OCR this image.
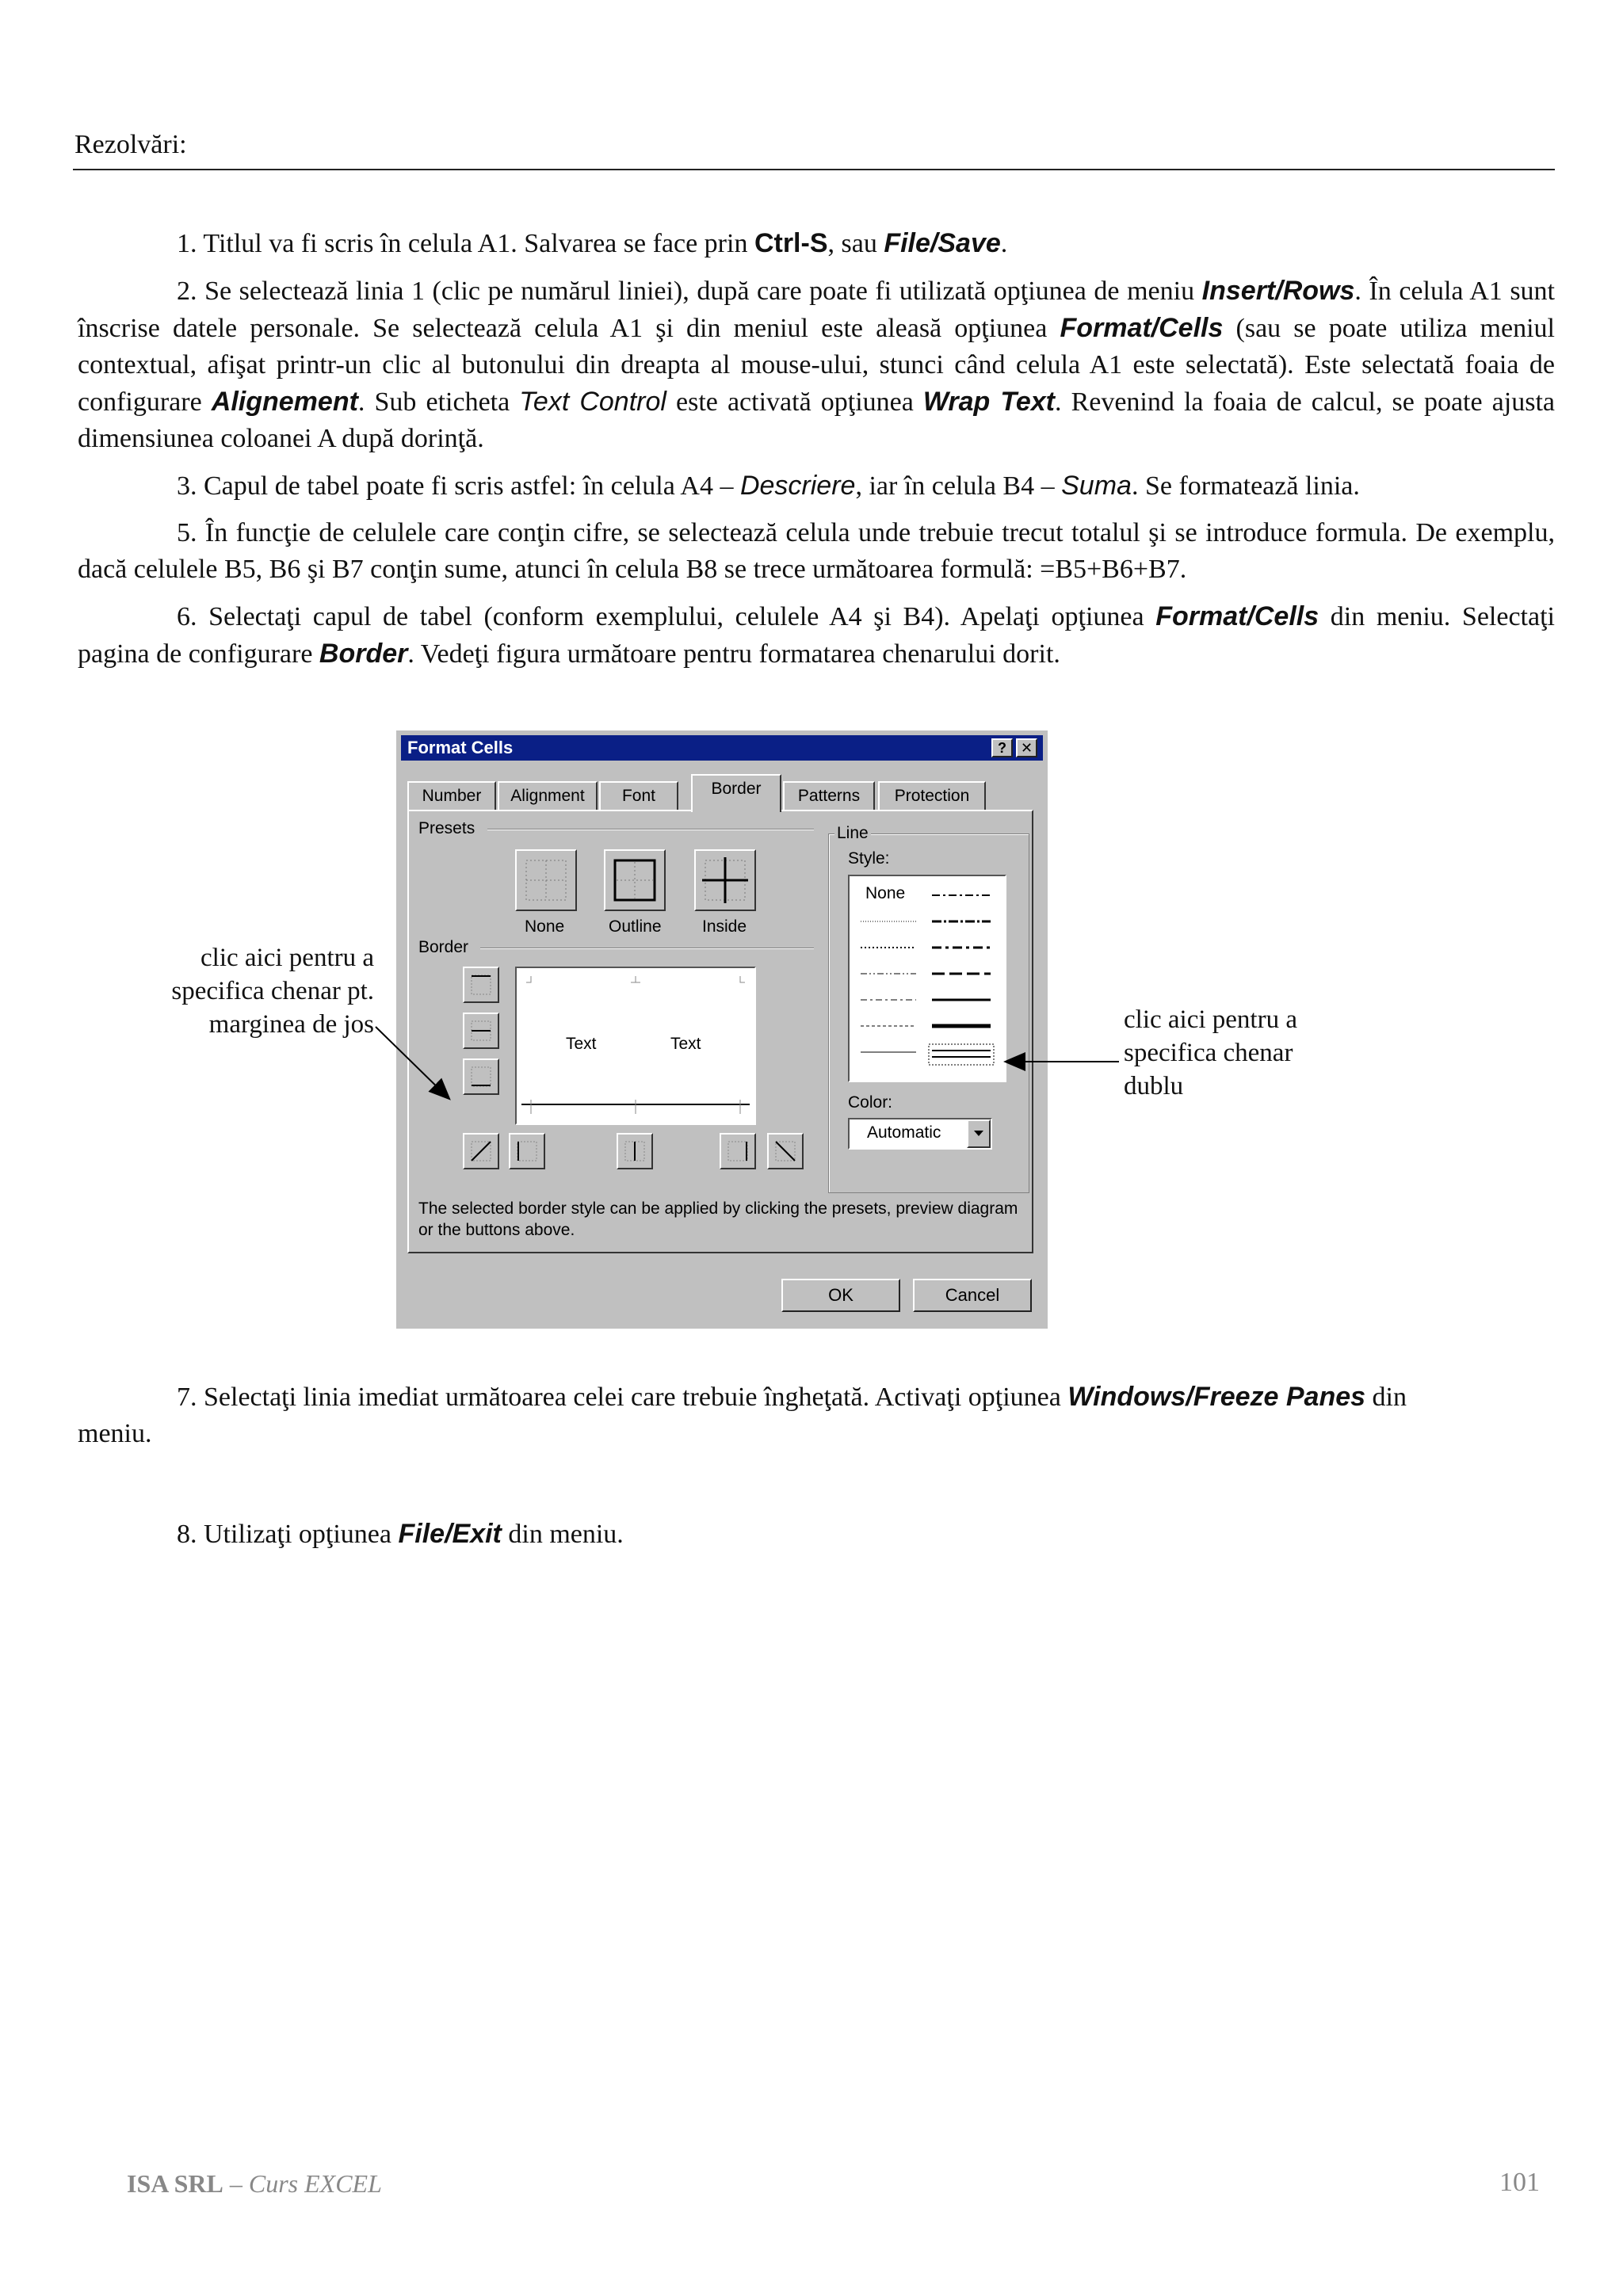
Rezolvări:

1. Titlul va fi scris în celula A1. Salvarea se face prin Ctrl-S, sau File/Save.

2. Se selectează linia 1 (clic pe numărul liniei), după care poate fi utilizată opţiunea de meniu Insert/Rows. În celula A1 sunt înscrise datele personale. Se selectează celula A1 şi din meniul este aleasă opţiunea Format/Cells (sau se poate utiliza meniul contextual, afişat printr-un clic al butonului din dreapta al mouse-ului, stunci când celula A1 este selectată). Este selectată foaia de configurare Alignement. Sub eticheta Text Control este activată opţiunea Wrap Text. Revenind la foaia de calcul, se poate ajusta dimensiunea coloanei A după dorinţă.

3. Capul de tabel poate fi scris astfel: în celula A4 – Descriere, iar în celula B4 – Suma. Se formatează linia.

5. În funcţie de celulele care conţin cifre, se selectează celula unde trebuie trecut totalul şi se introduce formula. De exemplu, dacă celulele B5, B6 şi B7 conţin sume, atunci în celula B8 se trece următoarea formulă: =B5+B6+B7.

6. Selectaţi capul de tabel (conform exemplului, celulele A4 şi B4). Apelaţi opţiunea Format/Cells din meniu. Selectaţi pagina de configurare Border. Vedeţi figura următoare pentru formatarea chenarului dorit.

Format Cells	? ✕
Number	Alignment	Font	Border	Patterns	Protection
Presets
None	Outline Inside
Border
Text	Text
Line
Style:
None
Color:
Automatic
The selected border style can be applied by clicking the presets, preview diagram or the buttons above.
OK	Cancel
clic aici pentru a
specifica chenar pt.
marginea de jos	clic aici pentru a
specifica chenar
dublu
7. Selectaţi linia imediat următoarea celei care trebuie îngheţată. Activaţi opţiunea Windows/Freeze Panes din
meniu.
8. Utilizaţi opţiunea File/Exit din meniu.
ISA SRL – Curs EXCEL	101
